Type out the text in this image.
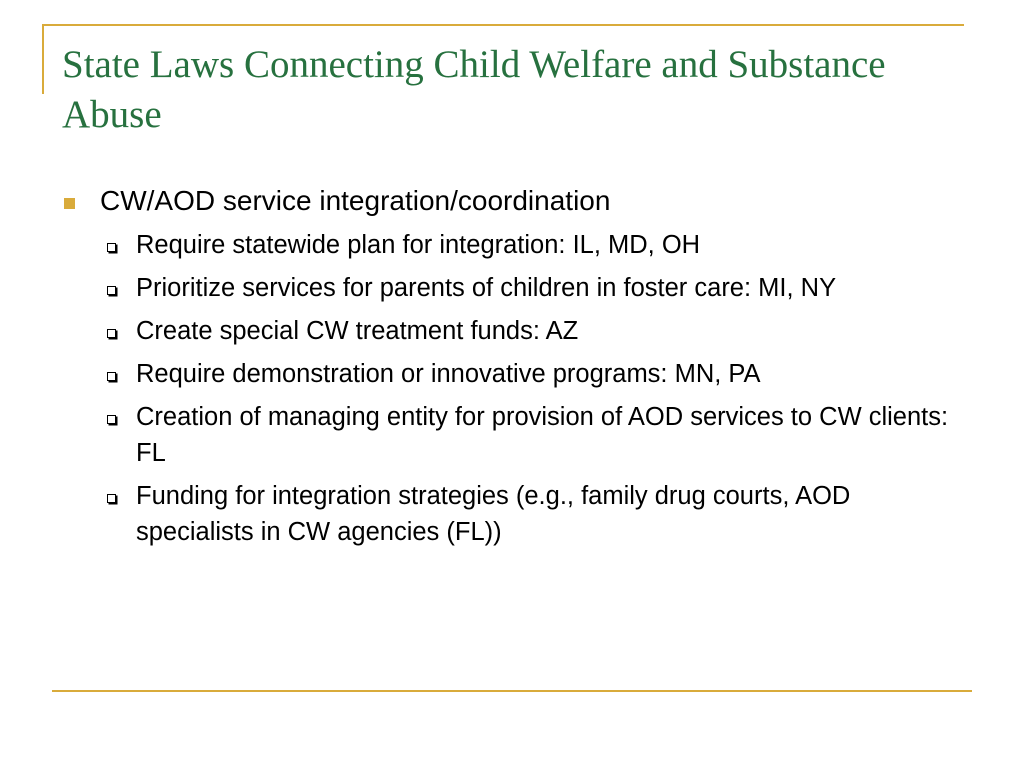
State Laws Connecting Child Welfare and Substance Abuse
CW/AOD service integration/coordination
Require statewide plan for integration: IL, MD, OH
Prioritize services for parents of children in foster care: MI, NY
Create special CW treatment funds: AZ
Require demonstration or innovative programs: MN, PA
Creation of managing entity for provision of AOD services to CW clients: FL
Funding for integration strategies (e.g., family drug courts, AOD specialists in CW agencies (FL))
